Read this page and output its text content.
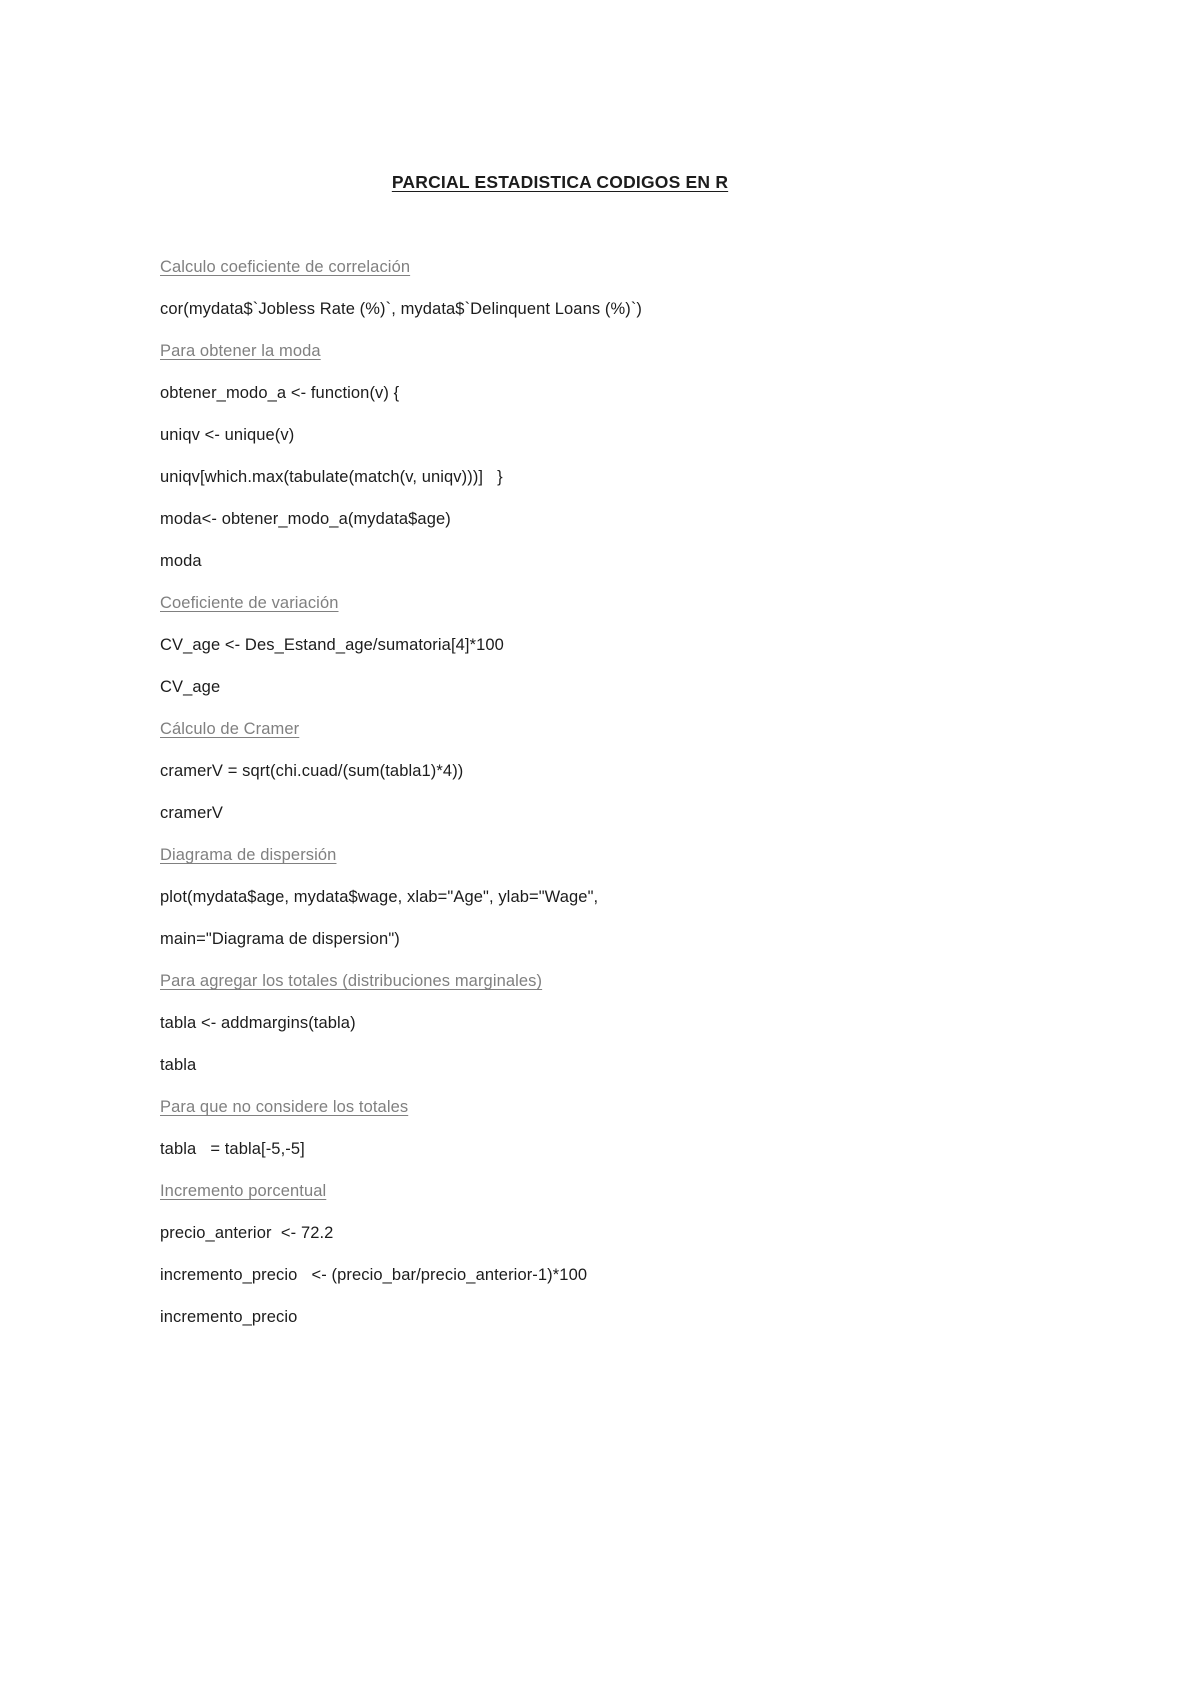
PARCIAL ESTADISTICA CODIGOS EN R

Calculo coeficiente de correlación

cor(mydata$`Jobless Rate (%)`, mydata$`Delinquent Loans (%)`)

Para obtener la moda

obtener_modo_a <- function(v) {

uniqv <- unique(v)

uniqv[which.max(tabulate(match(v, uniqv)))]   }

moda<- obtener_modo_a(mydata$age)

moda

Coeficiente de variación

CV_age <- Des_Estand_age/sumatoria[4]*100

CV_age

Cálculo de Cramer

cramerV = sqrt(chi.cuad/(sum(tabla1)*4))

cramerV

Diagrama de dispersión

plot(mydata$age, mydata$wage, xlab="Age", ylab="Wage",

main="Diagrama de dispersion")

Para agregar los totales (distribuciones marginales)

tabla <- addmargins(tabla)

tabla

Para que no considere los totales

tabla   = tabla[-5,-5]

Incremento porcentual

precio_anterior  <- 72.2

incremento_precio   <- (precio_bar/precio_anterior-1)*100

incremento_precio
